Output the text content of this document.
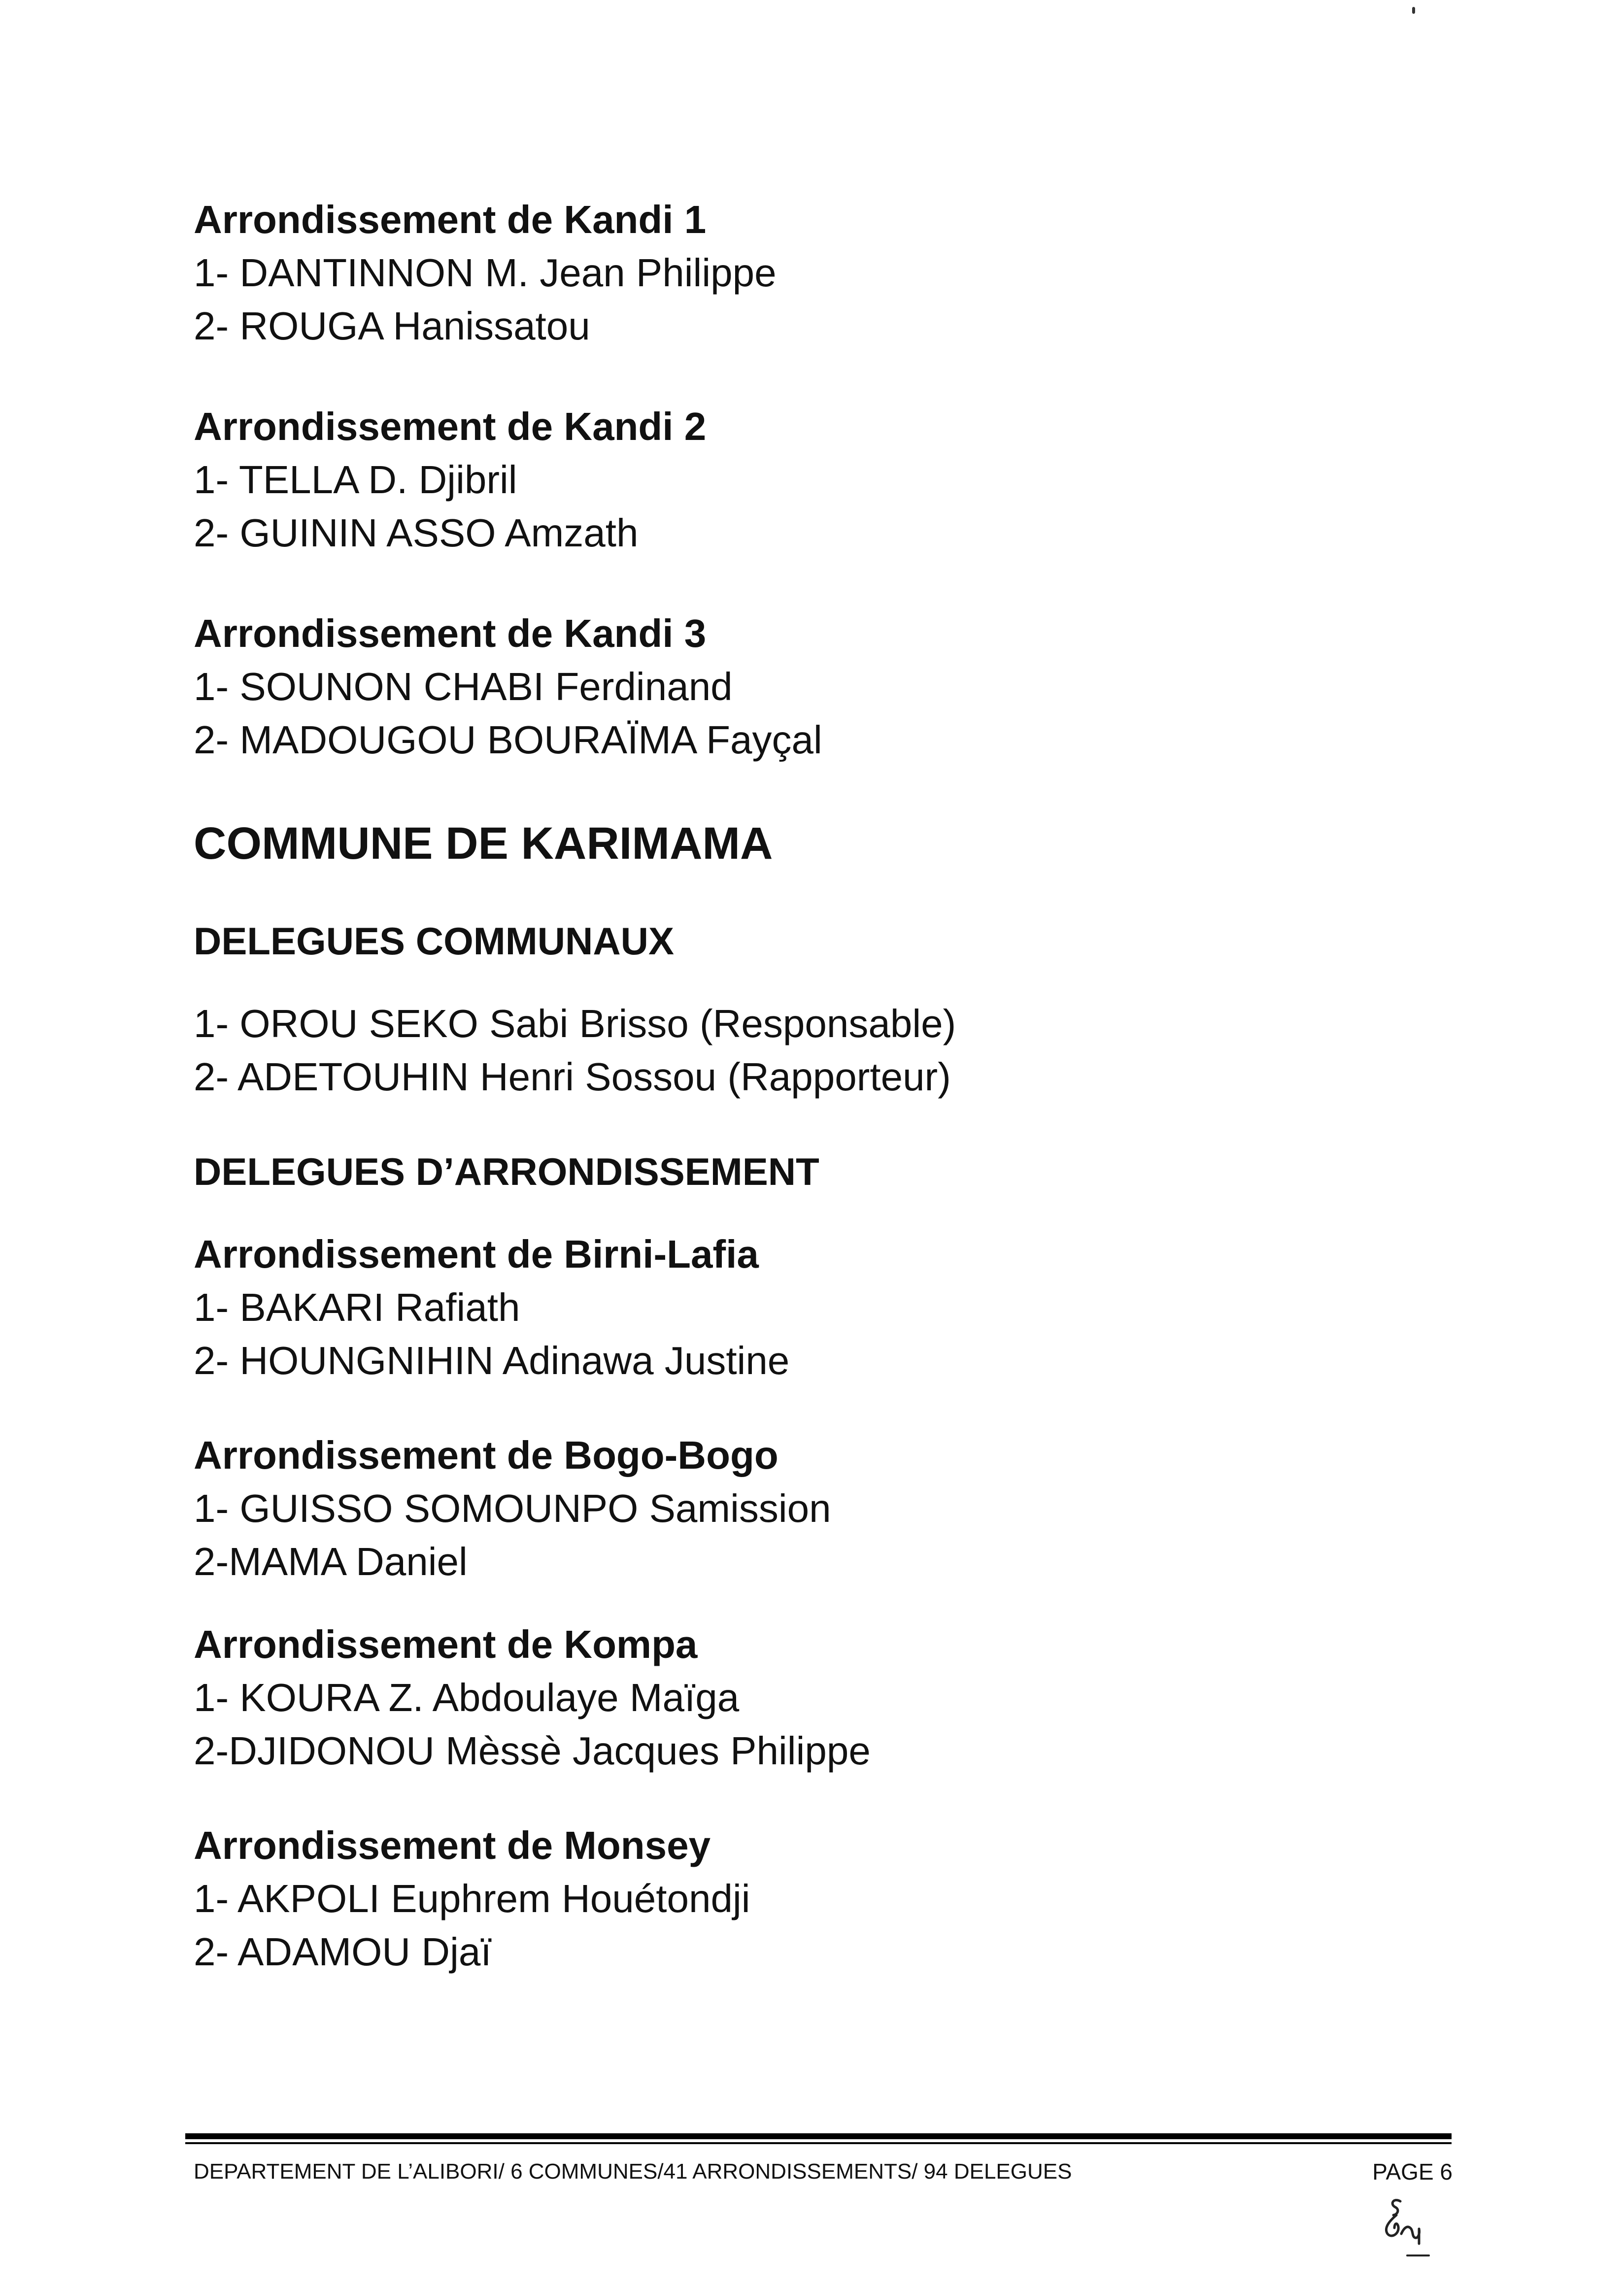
Arrondissement de Kandi 1

1- DANTINNON M. Jean Philippe

2- ROUGA Hanissatou

Arrondissement de Kandi 2

1- TELLA D. Djibril

2- GUININ ASSO Amzath

Arrondissement de Kandi 3

1- SOUNON CHABI Ferdinand

2- MADOUGOU BOURAÏMA Fayçal

COMMUNE DE KARIMAMA

DELEGUES COMMUNAUX

1- OROU SEKO Sabi Brisso (Responsable)

2- ADETOUHIN Henri Sossou (Rapporteur)

DELEGUES D’ARRONDISSEMENT

Arrondissement de Birni-Lafia

1- BAKARI Rafiath

2- HOUNGNIHIN Adinawa Justine

Arrondissement de Bogo-Bogo

1- GUISSO SOMOUNPO Samission

2-MAMA Daniel

Arrondissement de Kompa

1- KOURA Z. Abdoulaye Maïga

2-DJIDONOU Mèssè Jacques Philippe

Arrondissement de Monsey

1- AKPOLI Euphrem Houétondji

2- ADAMOU Djaï

DEPARTEMENT DE L’ALIBORI/ 6 COMMUNES/41 ARRONDISSEMENTS/ 94 DELEGUES	PAGE 6
